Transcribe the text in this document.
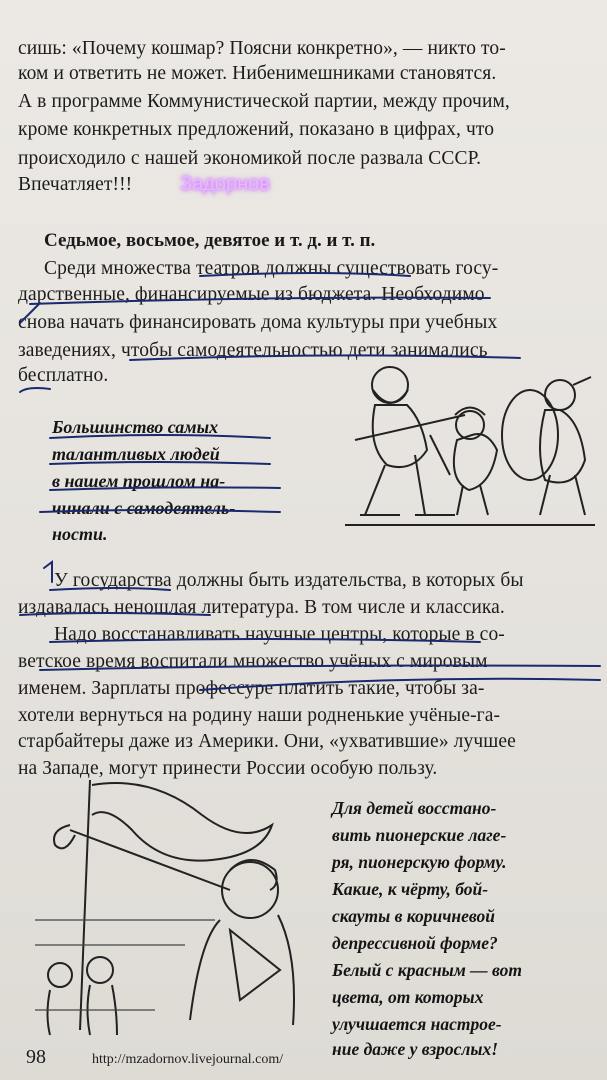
сишь: «Почему кошмар? Поясни конкретно», — никто то-
ком и ответить не может. Нибенимешниками становятся.
А в программе Коммунистической партии, между прочим,
кроме конкретных предложений, показано в цифрах, что
происходило с нашей экономикой после развала СССР.
Впечатляет!!! Задорнов
Седьмое, восьмое, девятое и т. д. и т. п.
Среди множества театров должны существовать госу-
дарственные, финансируемые из бюджета. Необходимо
снова начать финансировать дома культуры при учебных
заведениях, чтобы самодеятельностью дети занимались
бесплатно.
Большинство самых
талантливых людей
в нашем прошлом на-
чинали с самодеятель-
ности.
У государства должны быть издательства, в которых бы
издавалась неношлая литература. В том числе и классика.
Надо восстанавливать научные центры, которые в со-
ветское время воспитали множество учёных с мировым
именем. Зарплаты профессуре платить такие, чтобы за-
хотели вернуться на родину наши родненькие учёные-га-
старбайтеры даже из Америки. Они, «ухватившие» лучшее
на Западе, могут принести России особую пользу.
Для детей восстано-
вить пионерские лаге-
ря, пионерскую форму.
Какие, к чёрту, бой-
скауты в коричневой
депрессивной форме?
Белый с красным — вот
цвета, от которых
улучшается настрое-
ние даже у взрослых!
98	http://mzadornov.livejournal.com/
